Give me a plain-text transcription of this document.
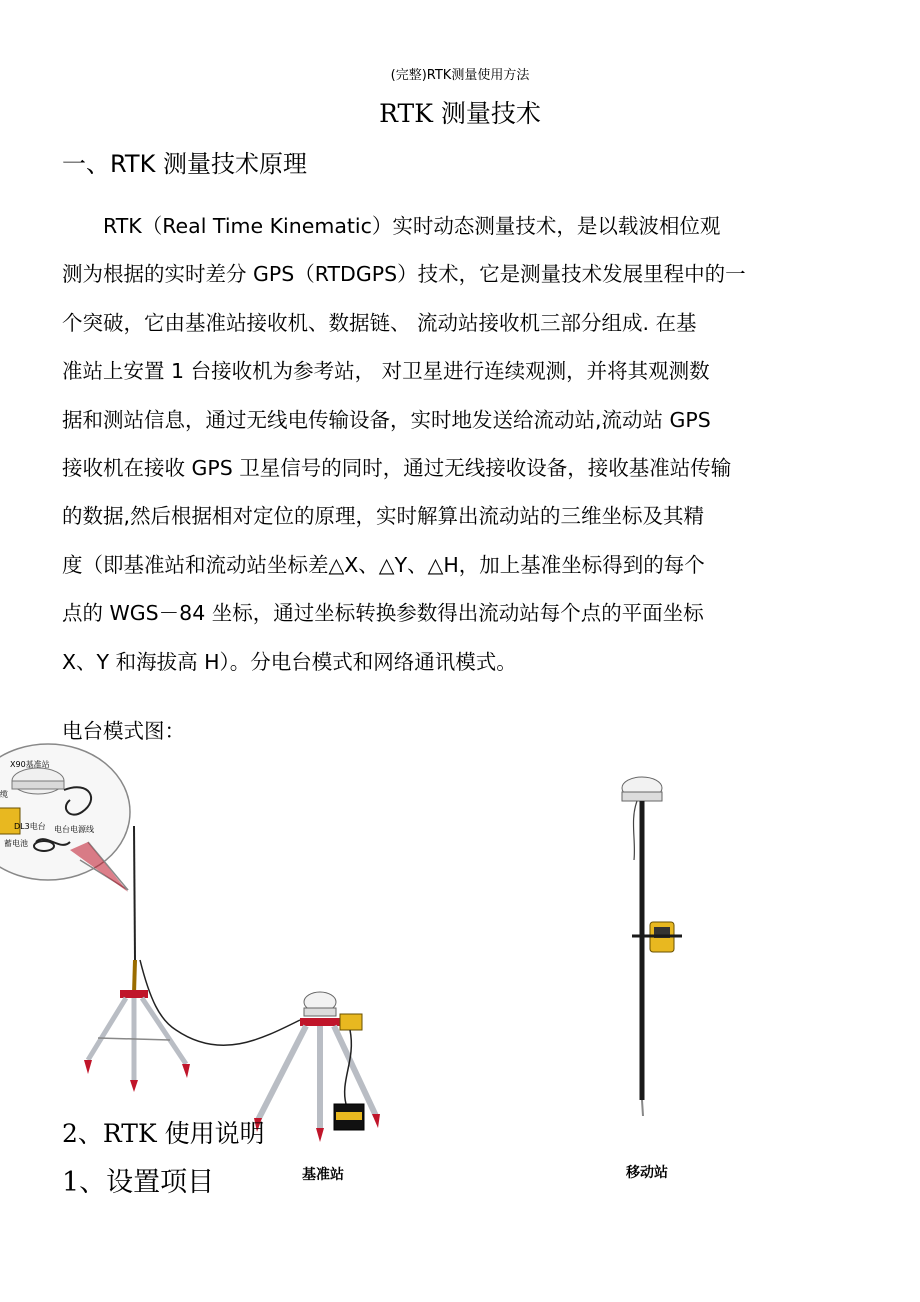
(完整)RTK测量使用方法
RTK 测量技术
一、RTK 测量技术原理
　　RTK（Real Time Kinematic）实时动态测量技术，是以载波相位观
测为根据的实时差分 GPS（RTDGPS）技术，它是测量技术发展里程中的一
个突破，它由基准站接收机、数据链、 流动站接收机三部分组成. 在基
准站上安置 1 台接收机为参考站， 对卫星进行连续观测，并将其观测数
据和测站信息，通过无线电传输设备，实时地发送给流动站,流动站 GPS
接收机在接收 GPS 卫星信号的同时，通过无线接收设备，接收基准站传输
的数据,然后根据相对定位的原理，实时解算出流动站的三维坐标及其精
度（即基准站和流动站坐标差△X、△Y、△H，加上基准坐标得到的每个
点的 WGS－84 坐标，通过坐标转换参数得出流动站每个点的平面坐标
X、Y 和海拔高 H）。分电台模式和网络通讯模式。
电台模式图：
X90基准站
缆
DL3电台 电台电源线
蓄电池
2、RTK 使用说明
1、设置项目	基准站	移动站
